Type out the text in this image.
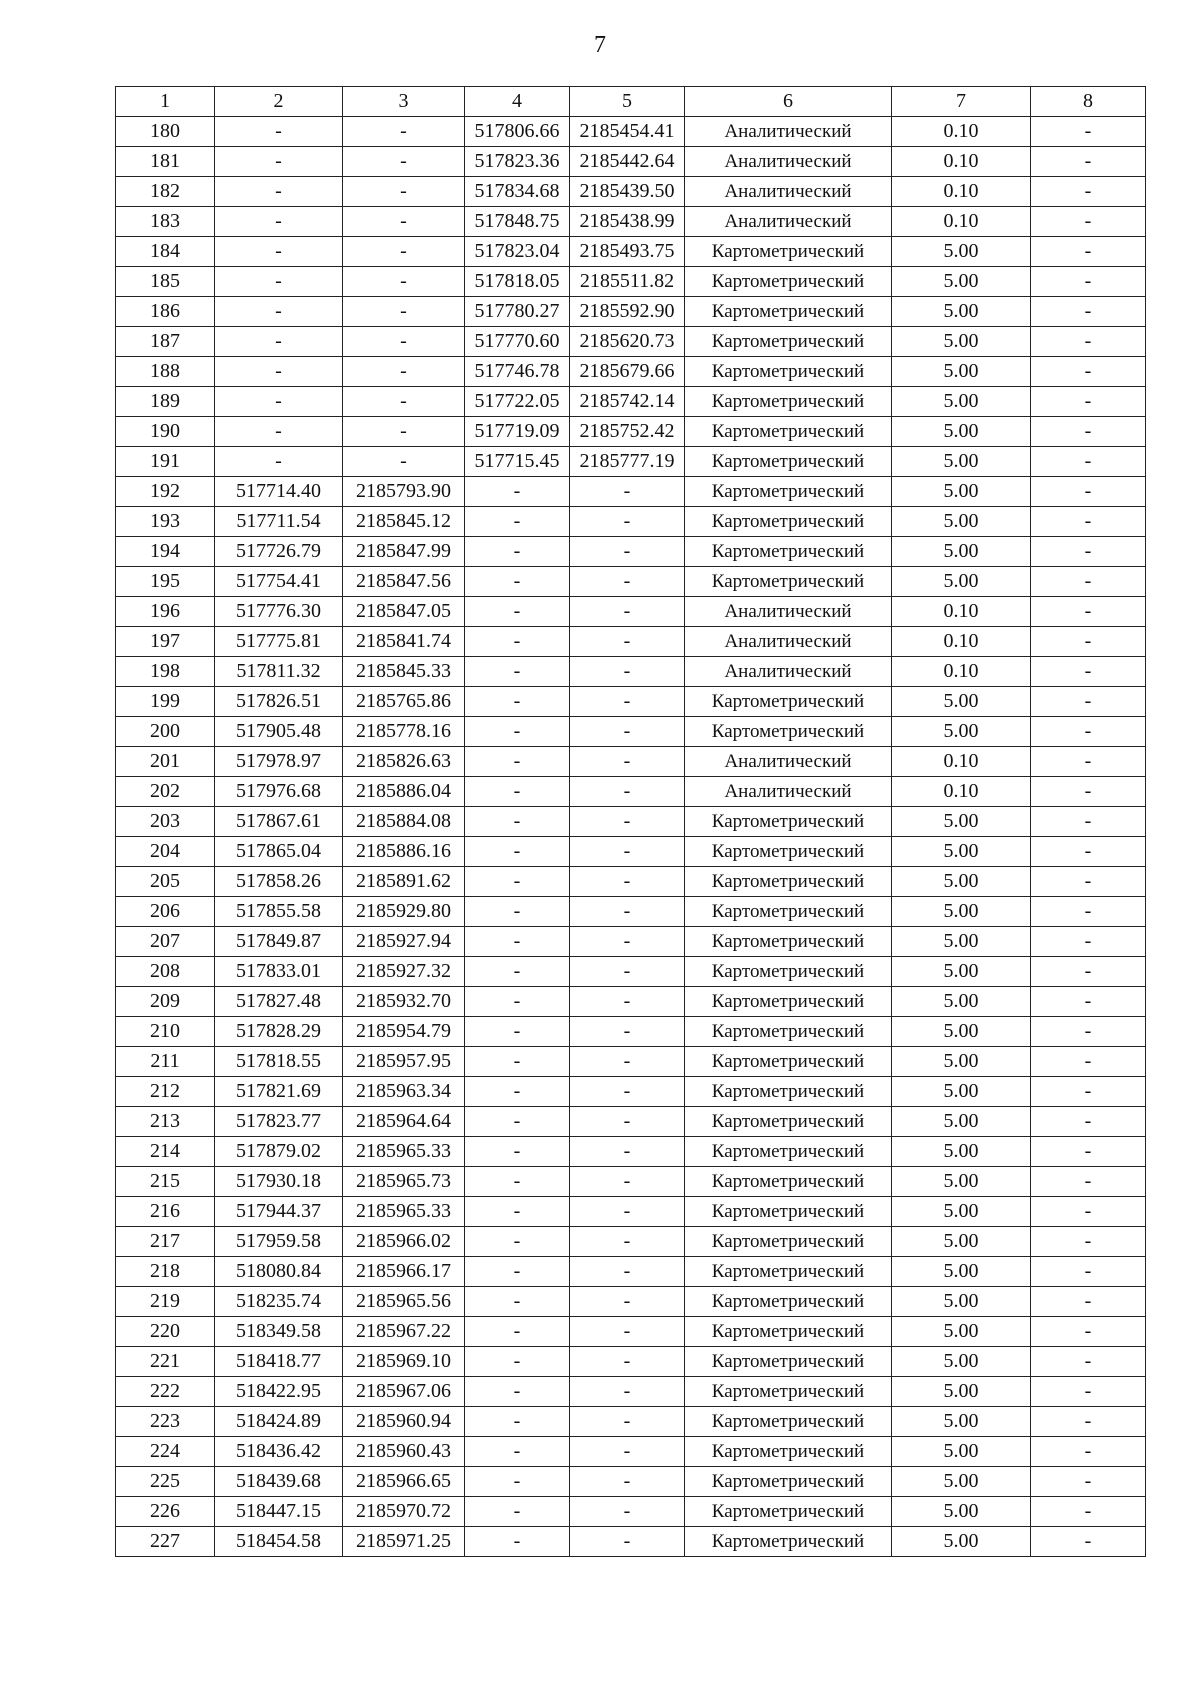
7
1	2	3	4	5	6	7	8
180	-	-	517806.66	2185454.41	Аналитический	0.10	-
181	-	-	517823.36	2185442.64	Аналитический	0.10	-
182	-	-	517834.68	2185439.50	Аналитический	0.10	-
183	-	-	517848.75	2185438.99	Аналитический	0.10	-
184	-	-	517823.04	2185493.75	Картометрический	5.00	-
185	-	-	517818.05	2185511.82	Картометрический	5.00	-
186	-	-	517780.27	2185592.90	Картометрический	5.00	-
187	-	-	517770.60	2185620.73	Картометрический	5.00	-
188	-	-	517746.78	2185679.66	Картометрический	5.00	-
189	-	-	517722.05	2185742.14	Картометрический	5.00	-
190	-	-	517719.09	2185752.42	Картометрический	5.00	-
191	-	-	517715.45	2185777.19	Картометрический	5.00	-
192	517714.40	2185793.90	-	-	Картометрический	5.00	-
193	517711.54	2185845.12	-	-	Картометрический	5.00	-
194	517726.79	2185847.99	-	-	Картометрический	5.00	-
195	517754.41	2185847.56	-	-	Картометрический	5.00	-
196	517776.30	2185847.05	-	-	Аналитический	0.10	-
197	517775.81	2185841.74	-	-	Аналитический	0.10	-
198	517811.32	2185845.33	-	-	Аналитический	0.10	-
199	517826.51	2185765.86	-	-	Картометрический	5.00	-
200	517905.48	2185778.16	-	-	Картометрический	5.00	-
201	517978.97	2185826.63	-	-	Аналитический	0.10	-
202	517976.68	2185886.04	-	-	Аналитический	0.10	-
203	517867.61	2185884.08	-	-	Картометрический	5.00	-
204	517865.04	2185886.16	-	-	Картометрический	5.00	-
205	517858.26	2185891.62	-	-	Картометрический	5.00	-
206	517855.58	2185929.80	-	-	Картометрический	5.00	-
207	517849.87	2185927.94	-	-	Картометрический	5.00	-
208	517833.01	2185927.32	-	-	Картометрический	5.00	-
209	517827.48	2185932.70	-	-	Картометрический	5.00	-
210	517828.29	2185954.79	-	-	Картометрический	5.00	-
211	517818.55	2185957.95	-	-	Картометрический	5.00	-
212	517821.69	2185963.34	-	-	Картометрический	5.00	-
213	517823.77	2185964.64	-	-	Картометрический	5.00	-
214	517879.02	2185965.33	-	-	Картометрический	5.00	-
215	517930.18	2185965.73	-	-	Картометрический	5.00	-
216	517944.37	2185965.33	-	-	Картометрический	5.00	-
217	517959.58	2185966.02	-	-	Картометрический	5.00	-
218	518080.84	2185966.17	-	-	Картометрический	5.00	-
219	518235.74	2185965.56	-	-	Картометрический	5.00	-
220	518349.58	2185967.22	-	-	Картометрический	5.00	-
221	518418.77	2185969.10	-	-	Картометрический	5.00	-
222	518422.95	2185967.06	-	-	Картометрический	5.00	-
223	518424.89	2185960.94	-	-	Картометрический	5.00	-
224	518436.42	2185960.43	-	-	Картометрический	5.00	-
225	518439.68	2185966.65	-	-	Картометрический	5.00	-
226	518447.15	2185970.72	-	-	Картометрический	5.00	-
227	518454.58	2185971.25	-	-	Картометрический	5.00	-
